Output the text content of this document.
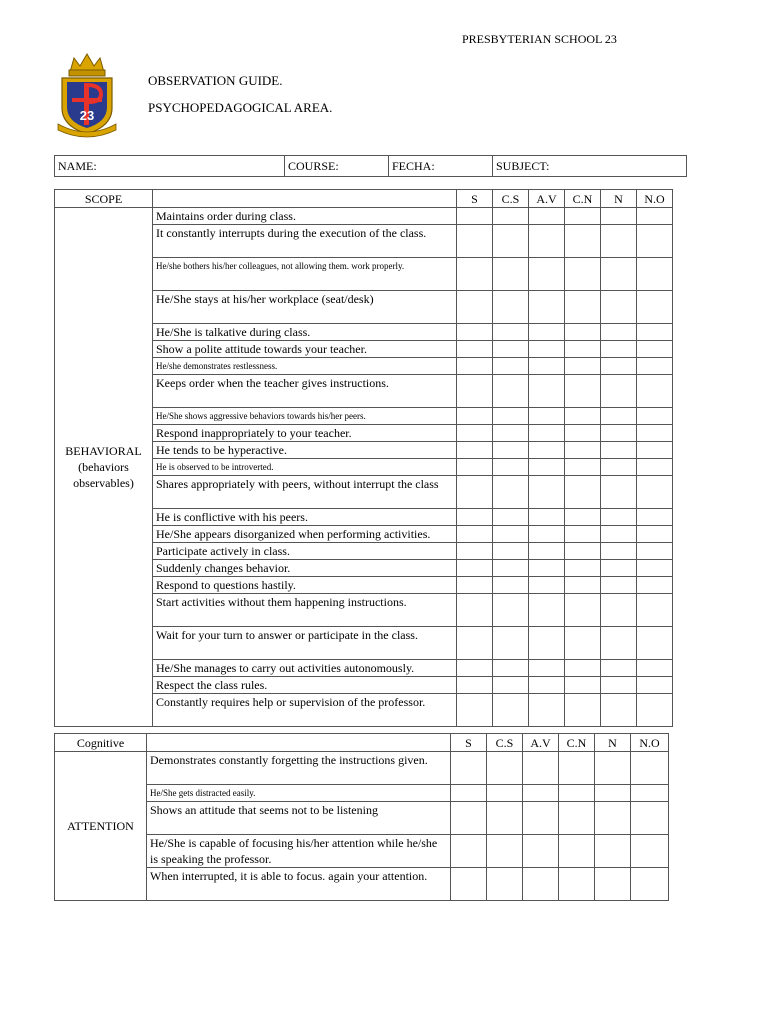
PRESBYTERIAN SCHOOL 23
23
OBSERVATION GUIDE.
PSYCHOPEDAGOGICAL AREA.
NAME:	COURSE:	FECHA:	SUBJECT:
SCOPE		S	C.S	A.V	C.N	N	N.O

BEHAVIORAL
(behaviors observables)	Maintains order during class.						
	It constantly interrupts during the execution of the class.						
	He/she bothers his/her colleagues, not allowing them. work properly.						
	He/She stays at his/her workplace (seat/desk)						
	He/She is talkative during class.						
	Show a polite attitude towards your teacher.						
	He/she demonstrates restlessness.						
	Keeps order when the teacher gives instructions.						
	He/She shows aggressive behaviors towards his/her peers.						
	Respond inappropriately to your teacher.						
	He tends to be hyperactive.						
	He is observed to be introverted.						
	Shares appropriately with peers, without interrupt the class						
	He is conflictive with his peers.						
	He/She appears disorganized when performing activities.						
	Participate actively in class.						
	Suddenly changes behavior.						
	Respond to questions hastily.						
	Start activities without them happening instructions.						
	Wait for your turn to answer or participate in the class.						
	He/She manages to carry out activities autonomously.						
	Respect the class rules.						
	Constantly requires help or supervision of the professor.						
Cognitive		S	C.S	A.V	C.N	N	N.O

ATTENTION	Demonstrates constantly forgetting the instructions given.						
	He/She gets distracted easily.						
	Shows an attitude that seems not to be listening						
	He/She is capable of focusing his/her attention while he/she is speaking the professor.						
	When interrupted, it is able to focus. again your attention.						
